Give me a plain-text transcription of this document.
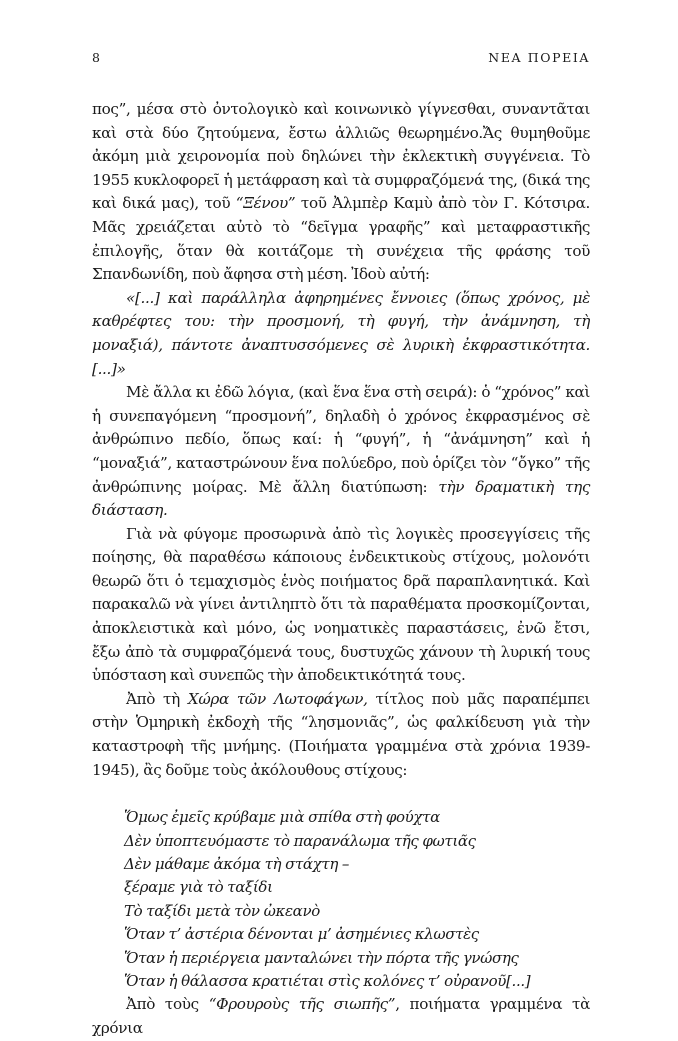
8	ΝΕΑ ΠΟΡΕΙΑ

πος”, μέσα στὸ ὀντολογικὸ καὶ κοινωνικὸ γίγνεσθαι, συναντᾶται καὶ στὰ δύο ζητούμενα, ἔστω ἀλλιῶς θεωρημένο.Ἄς θυμηθοῦμε ἀκόμη μιὰ χειρονομία ποὺ δηλώνει τὴν ἐκλεκτικὴ συγγένεια. Τὸ 1955 κυκλοφορεῖ ἡ μετάφραση καὶ τὰ συμφραζόμενά της, (δικά της καὶ δικά μας), τοῦ “Ξένου” τοῦ Ἀλμπὲρ Καμὺ ἀπὸ τὸν Γ. Κότσιρα. Μᾶς χρειάζεται αὐτὸ τὸ “δεῖγμα γραφῆς” καὶ μεταφραστικῆς ἐπιλογῆς, ὅταν θὰ κοιτάζομε τὴ συνέχεια τῆς φράσης τοῦ Σπανδωνίδη, ποὺ ἄφησα στὴ μέση. Ἰδοὺ αὐτή:

«[...] καὶ παράλληλα ἀφηρημένες ἔννοιες (ὅπως χρόνος, μὲ καθρέφτες του: τὴν προσμονή, τὴ φυγή, τὴν ἀνάμνηση, τὴ μοναξιά), πάντοτε ἀναπτυσσόμενες σὲ λυρικὴ ἐκφραστικότητα.[...]»

Μὲ ἄλλα κι ἐδῶ λόγια, (καὶ ἕνα ἕνα στὴ σειρά): ὁ “χρόνος” καὶ ἡ συνεπαγόμενη “προσμονή”, δηλαδὴ ὁ χρόνος ἐκφρασμένος σὲ ἀνθρώπινο πεδίο, ὅπως καί: ἡ “φυγή”, ἡ “ἀνάμνηση” καὶ ἡ “μοναξιά”, καταστρώνουν ἕνα πολύεδρο, ποὺ ὁρίζει τὸν “ὄγκο” τῆς ἀνθρώπινης μοίρας. Μὲ ἄλλη διατύπωση: τὴν δραματικὴ της διάσταση.

Γιὰ νὰ φύγομε προσωρινὰ ἀπὸ τὶς λογικὲς προσεγγίσεις τῆς ποίησης, θὰ παραθέσω κάποιους ἐνδεικτικοὺς στίχους, μολονότι θεωρῶ ὅτι ὁ τεμαχισμὸς ἑνὸς ποιήματος δρᾶ παραπλανητικά. Καὶ παρακαλῶ νὰ γίνει ἀντιληπτὸ ὅτι τὰ παραθέματα προσκομίζονται, ἀποκλειστικὰ καὶ μόνο, ὡς νοηματικὲς παραστάσεις, ἐνῶ ἔτσι, ἔξω ἀπὸ τὰ συμφραζόμενά τους, δυστυχῶς χάνουν τὴ λυρική τους ὑπόσταση καὶ συνεπῶς τὴν ἀποδεικτικότητά τους.

Ἀπὸ τὴ Χώρα τῶν Λωτοφάγων, τίτλος ποὺ μᾶς παραπέμπει στὴν Ὁμηρικὴ ἐκδοχὴ τῆς “λησμονιᾶς”, ὡς φαλκίδευση γιὰ τὴν καταστροφὴ τῆς μνήμης. (Ποιήματα γραμμένα στὰ χρόνια 1939-1945), ἂς δοῦμε τοὺς ἀκόλουθους στίχους:

Ὅμως ἐμεῖς κρύβαμε μιὰ σπίθα στὴ φούχτα
Δὲν ὑποπτευόμαστε τὸ παρανάλωμα τῆς φωτιᾶς
Δὲν μάθαμε ἀκόμα τὴ στάχτη –
ξέραμε γιὰ τὸ ταξίδι
Τὸ ταξίδι μετὰ τὸν ὠκεανὸ
Ὅταν τ’ ἀστέρια δένονται μ’ ἀσημένιες κλωστὲς
Ὅταν ἡ περιέργεια μανταλώνει τὴν πόρτα τῆς γνώσης
Ὅταν ἡ θάλασσα κρατιέται στὶς κολόνες τ’ οὐρανοῦ[...]

Ἀπὸ τοὺς “Φρουροὺς τῆς σιωπῆς”, ποιήματα γραμμένα τὰ χρόνια
